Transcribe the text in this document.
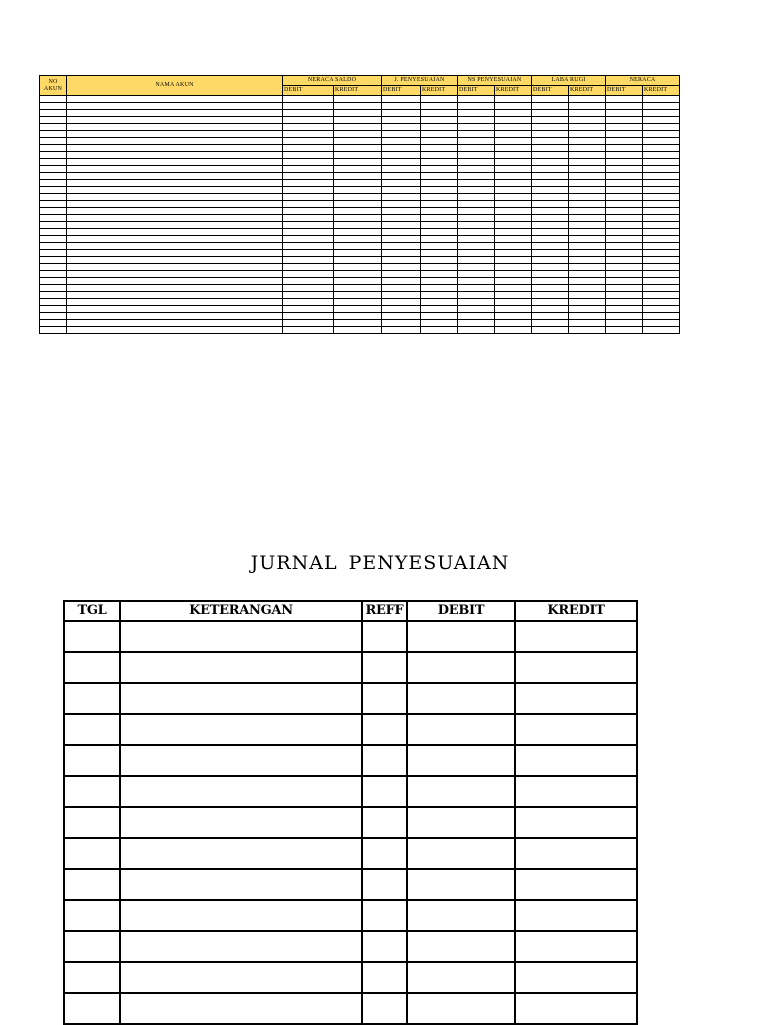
NO AKUN	NAMA AKUN	NERACA SALDO		J. PENYESUAIAN		NS PENYESUAIAN		LABA RUGI		NERACA	
		DEBIT	KREDIT	DEBIT	KREDIT	DEBIT	KREDIT	DEBIT	KREDIT	DEBIT	KREDIT

JURNAL PENYESUAIAN
TGL	KETERANGAN	REFF	DEBIT	KREDIT
